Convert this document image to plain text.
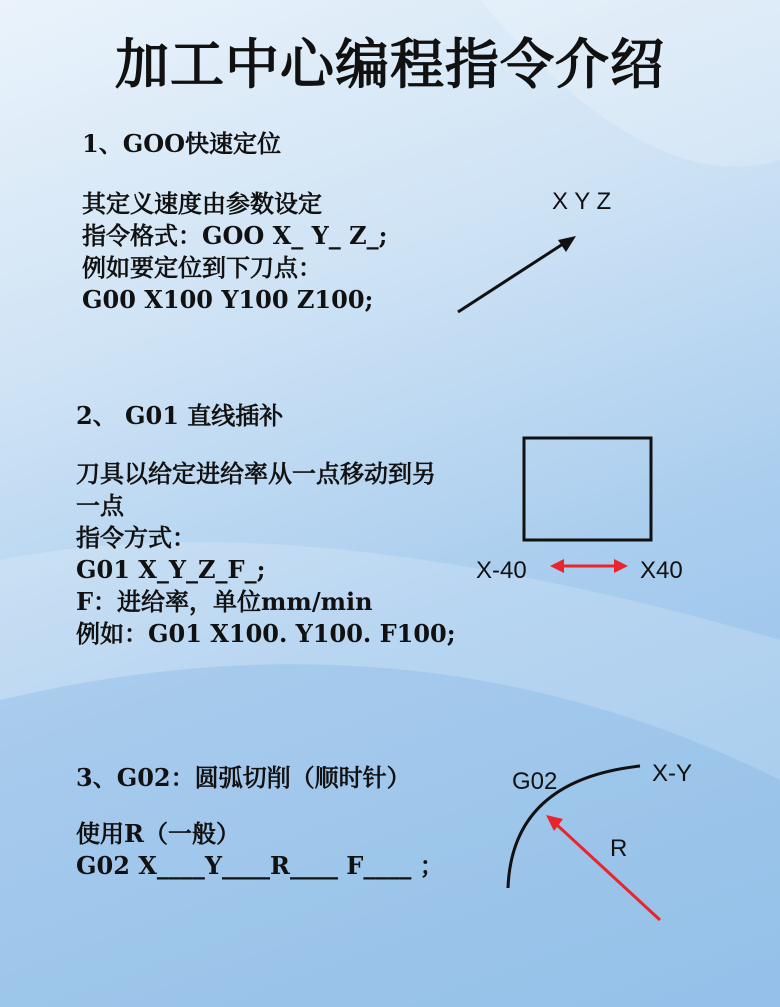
加工中心编程指令介绍
1、GOO快速定位
其定义速度由参数设定
指令格式：GOO X_ Y_ Z_;
例如要定位到下刀点：
G00 X100 Y100 Z100;
X Y Z
2、 G01 直线插补
刀具以给定进给率从一点移动到另
一点
指令方式：
G01 X_Y_Z_F_;
F：进给率，单位mm/min
例如：G01 X100. Y100. F100;
X-40	X40
3、G02：圆弧切削（顺时针）
使用R（一般）
G02 X____Y____R____ F____ ；
G02	X-Y
R
